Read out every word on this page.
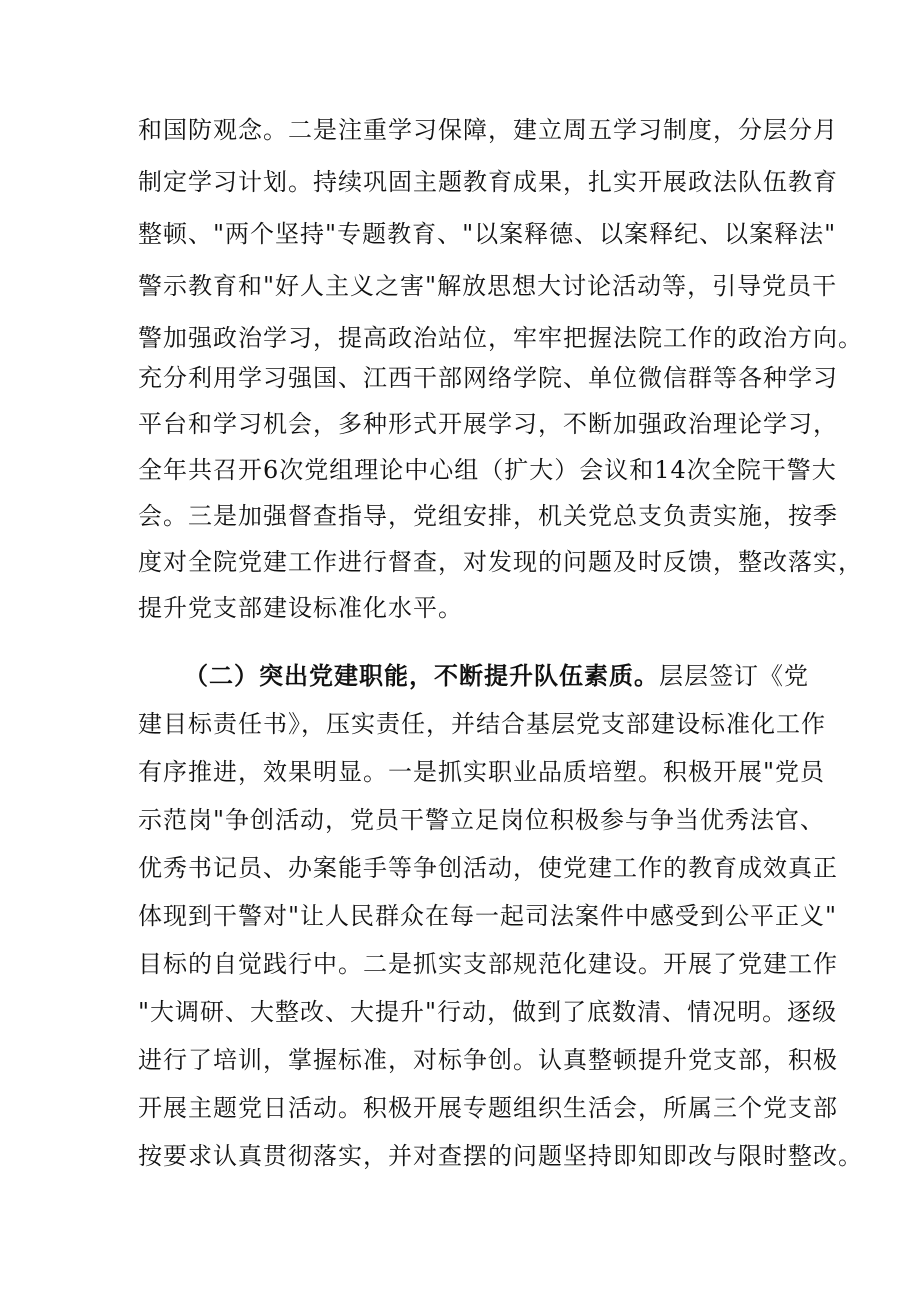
和国防观念。二是注重学习保障，建立周五学习制度，分层分月
制定学习计划。持续巩固主题教育成果，扎实开展政法队伍教育
整顿、"两个坚持"专题教育、"以案释德、以案释纪、以案释法"
警示教育和"好人主义之害"解放思想大讨论活动等，引导党员干
警加强政治学习，提高政治站位，牢牢把握法院工作的政治方向。
充分利用学习强国、江西干部网络学院、单位微信群等各种学习
平台和学习机会，多种形式开展学习，不断加强政治理论学习，
全年共召开6次党组理论中心组（扩大）会议和14次全院干警大
会。三是加强督查指导，党组安排，机关党总支负责实施，按季
度对全院党建工作进行督查，对发现的问题及时反馈，整改落实，
提升党支部建设标准化水平。
（二）突出党建职能，不断提升队伍素质。层层签订《党
建目标责任书》，压实责任，并结合基层党支部建设标准化工作
有序推进，效果明显。一是抓实职业品质培塑。积极开展"党员
示范岗"争创活动，党员干警立足岗位积极参与争当优秀法官、
优秀书记员、办案能手等争创活动，使党建工作的教育成效真正
体现到干警对"让人民群众在每一起司法案件中感受到公平正义"
目标的自觉践行中。二是抓实支部规范化建设。开展了党建工作
"大调研、大整改、大提升"行动，做到了底数清、情况明。逐级
进行了培训，掌握标准，对标争创。认真整顿提升党支部，积极
开展主题党日活动。积极开展专题组织生活会，所属三个党支部
按要求认真贯彻落实，并对查摆的问题坚持即知即改与限时整改。
